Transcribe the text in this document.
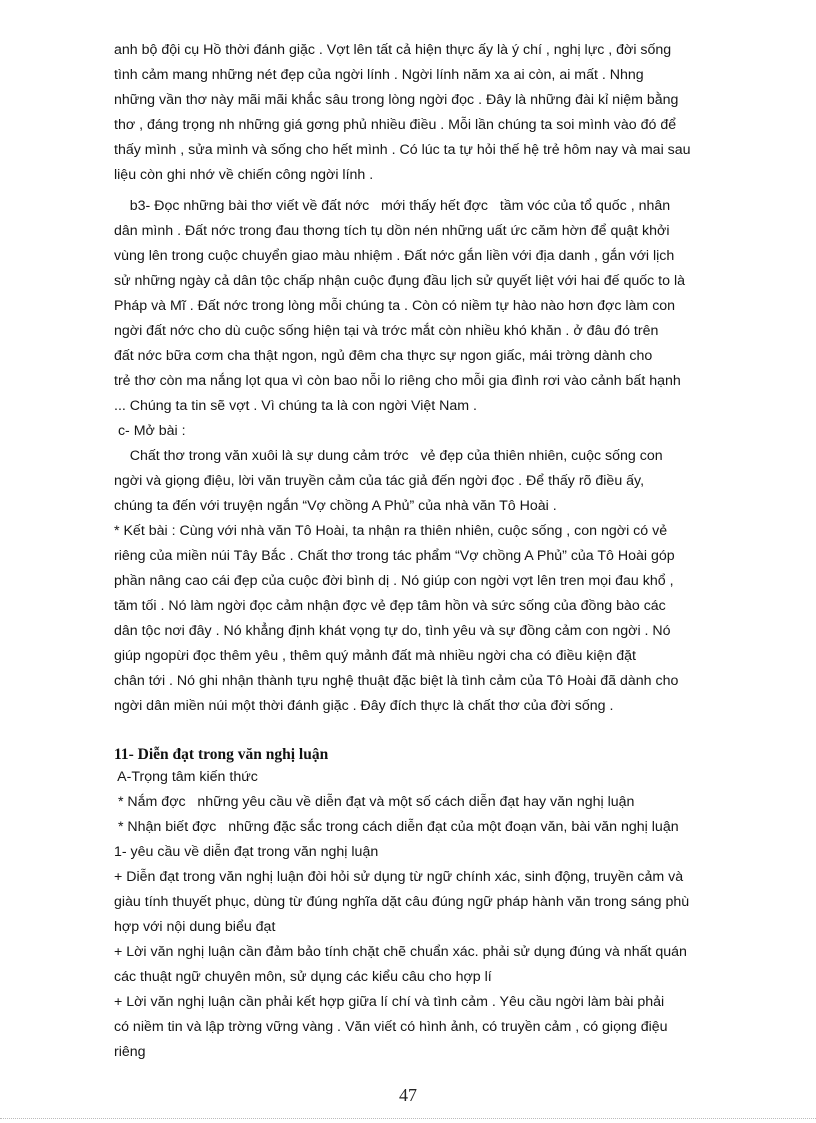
anh bộ đội cụ Hồ thời đánh giặc . Vợt lên tất cả hiện thực ấy là ý chí , nghị lực , đời sống
tình cảm mang những nét đẹp của ngời lính . Ngời lính năm xa ai còn, ai mất . Nhng
những vần thơ này mãi mãi khắc sâu trong lòng ngời đọc . Đây là những đài kỉ niệm bằng
thơ , đáng trọng nh những giá gơng phủ nhiều điều . Mỗi lần chúng ta soi mình vào đó để
thấy mình , sửa mình và sống cho hết mình . Có lúc ta tự hỏi thế hệ trẻ hôm nay và mai sau
liệu còn ghi nhớ về chiến công ngời lính .
b3- Đọc những bài thơ viết về đất nớc   mới thấy hết đợc   tầm vóc của tổ quốc , nhân
dân mình . Đất nớc trong đau thơng tích tụ dồn nén những uất ức căm hờn để quật khởi
vùng lên trong cuộc chuyển giao màu nhiệm . Đất nớc gắn liền với địa danh , gắn với lịch
sử những ngày cả dân tộc chấp nhận cuộc đụng đầu lịch sử quyết liệt với hai đế quốc to là
Pháp và Mĩ . Đất nớc trong lòng mỗi chúng ta . Còn có niềm tự hào nào hơn đợc làm con
ngời đất nớc cho dù cuộc sống hiện tại và trớc mắt còn nhiều khó khăn . ở đâu đó trên
đất nớc bữa cơm cha thật ngon, ngủ đêm cha thực sự ngon giấc, mái trờng dành cho
trẻ thơ còn ma nắng lọt qua vì còn bao nỗi lo riêng cho mỗi gia đình rơi vào cảnh bất hạnh
... Chúng ta tin sẽ vợt . Vì chúng ta là con ngời Việt Nam .
c- Mở bài :
Chất thơ trong văn xuôi là sự dung cảm trớc   vẻ đẹp của thiên nhiên, cuộc sống con
ngời và giọng điệu, lời văn truyền cảm của tác giả đến ngời đọc . Để thấy rõ điều ấy,
chúng ta đến với truyện ngắn “Vợ chồng A Phủ” của nhà văn Tô Hoài .
* Kết bài : Cùng với nhà văn Tô Hoài, ta nhận ra thiên nhiên, cuộc sống , con ngời có vẻ
riêng của miền núi Tây Bắc . Chất thơ trong tác phẩm “Vợ chồng A Phủ” của Tô Hoài góp
phần nâng cao cái đẹp của cuộc đời bình dị . Nó giúp con ngời vợt lên tren mọi đau khổ ,
tăm tối . Nó làm ngời đọc cảm nhận đợc vẻ đẹp tâm hồn và sức sống của đồng bào các
dân tộc nơi đây . Nó khẳng định khát vọng tự do, tình yêu và sự đồng cảm con ngời . Nó
giúp ngopừi đọc thêm yêu , thêm quý mảnh đất mà nhiều ngời cha có điều kiện đặt
chân tới . Nó ghi nhận thành tựu nghệ thuật đặc biệt là tình cảm của Tô Hoài đã dành cho
ngời dân miền núi một thời đánh giặc . Đây đích thực là chất thơ của đời sống .
11- Diễn đạt trong văn nghị luận
A-Trọng tâm kiến thức
* Nắm đợc   những yêu cầu về diễn đạt và một số cách diễn đạt hay văn nghị luận
* Nhận biết đợc   những đặc sắc trong cách diễn đạt của một đoạn văn, bài văn nghị luận
1- yêu cầu về diễn đạt trong văn nghị luận
+ Diễn đạt trong văn nghị luận đòi hỏi sử dụng từ ngữ chính xác, sinh động, truyền cảm và
giàu tính thuyết phục, dùng từ đúng nghĩa dặt câu đúng ngữ pháp hành văn trong sáng phù
hợp với nội dung biểu đạt
+ Lời văn nghị luận cần đảm bảo tính chặt chẽ chuẩn xác. phải sử dụng đúng và nhất quán
các thuật ngữ chuyên môn, sử dụng các kiểu câu cho hợp lí
+ Lời văn nghị luận cần phải kết hợp giữa lí chí và tình cảm . Yêu cầu ngời làm bài phải
có niềm tin và lập trờng vững vàng . Văn viết có hình ảnh, có truyền cảm , có giọng điệu
riêng
47
